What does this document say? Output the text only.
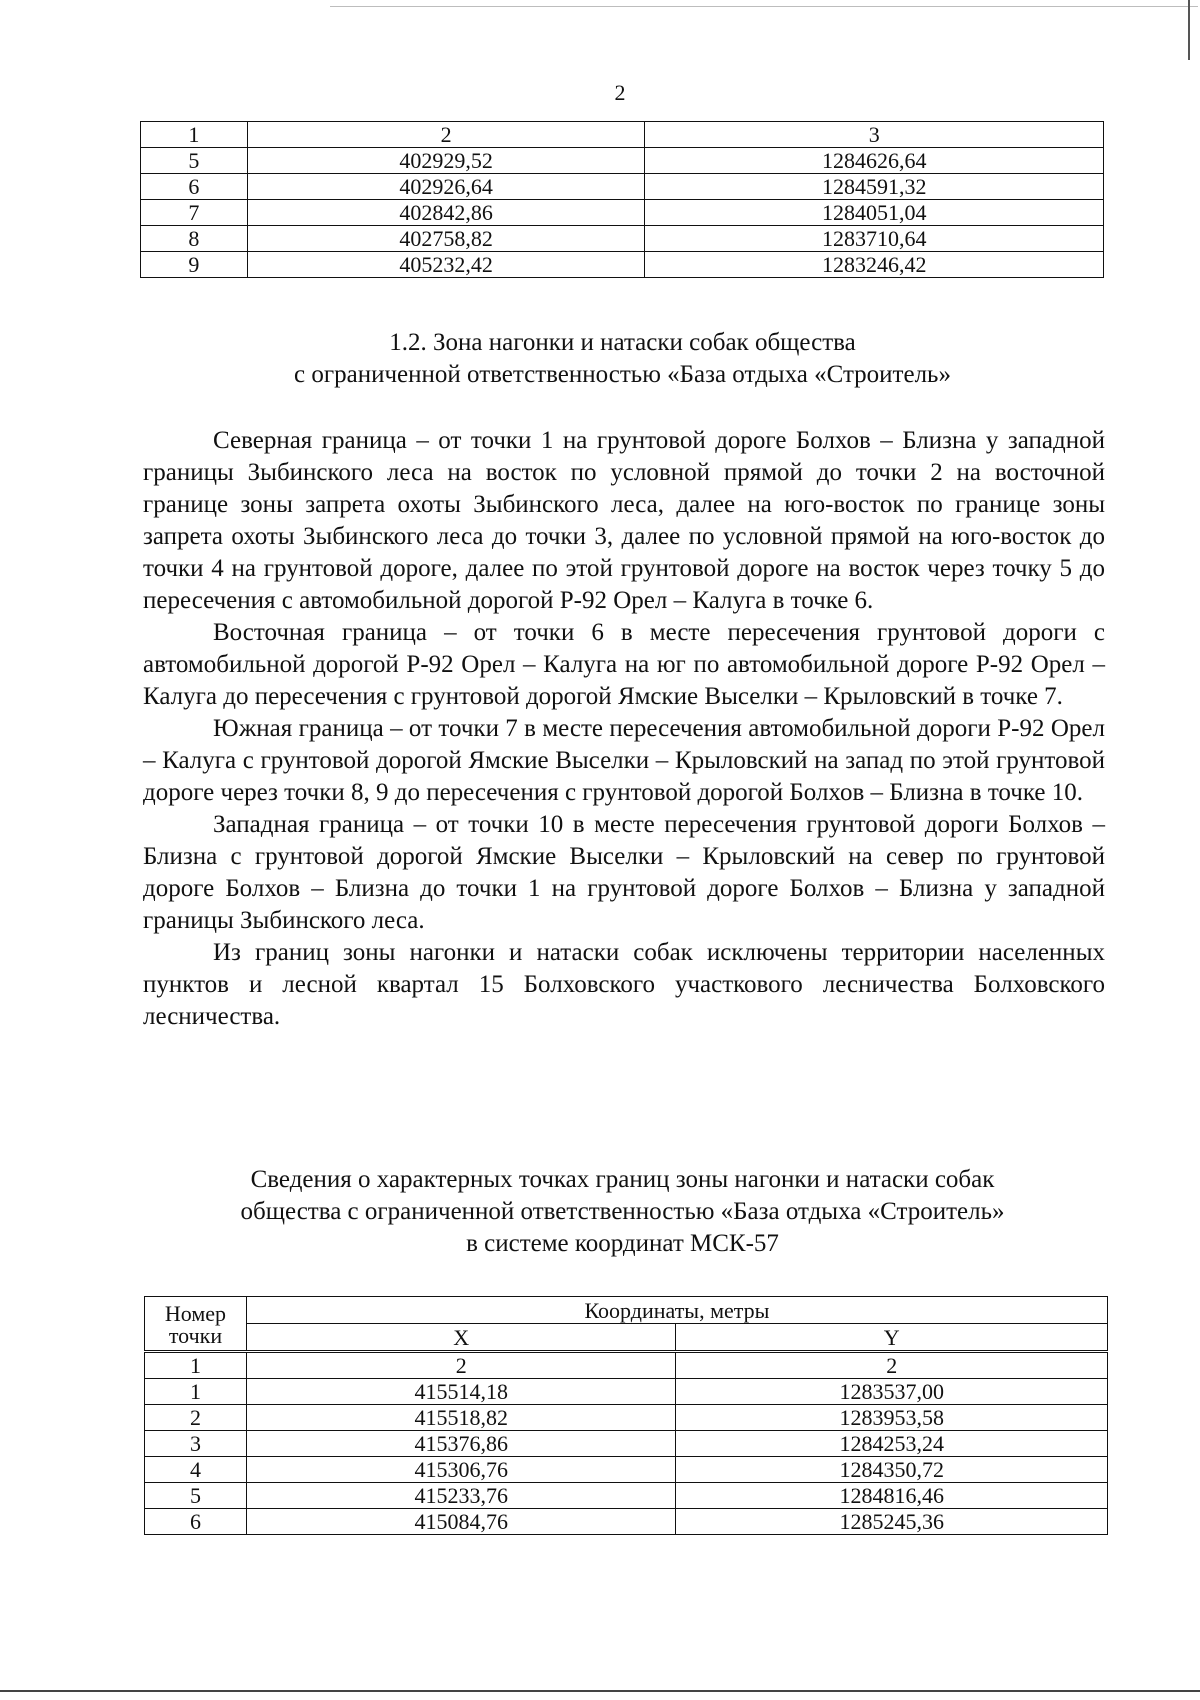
2
1	2	3
5	402929,52	1284626,64
6	402926,64	1284591,32
7	402842,86	1284051,04
8	402758,82	1283710,64
9	405232,42	1283246,42
1.2. Зона нагонки и натаски собак общества
с ограниченной ответственностью «База отдыха «Строитель»

Северная граница – от точки 1 на грунтовой дороге Болхов – Близна у западной границы Зыбинского леса на восток по условной прямой до точки 2 на восточной границе зоны запрета охоты Зыбинского леса, далее на юго-восток по границе зоны запрета охоты Зыбинского леса до точки 3, далее по условной прямой на юго-восток до точки 4 на грунтовой дороге, далее по этой грунтовой дороге на восток через точку 5 до пересечения с автомобильной дорогой Р-92 Орел – Калуга в точке 6.

Восточная граница – от точки 6 в месте пересечения грунтовой дороги с автомобильной дорогой Р-92 Орел – Калуга на юг по автомобильной дороге Р-92 Орел – Калуга до пересечения с грунтовой дорогой Ямские Выселки – Крыловский в точке 7.

Южная граница – от точки 7 в месте пересечения автомобильной дороги Р-92 Орел – Калуга с грунтовой дорогой Ямские Выселки – Крыловский на запад по этой грунтовой дороге через точки 8, 9 до пересечения с грунтовой дорогой Болхов – Близна в точке 10.

Западная граница – от точки 10 в месте пересечения грунтовой дороги Болхов – Близна с грунтовой дорогой Ямские Выселки – Крыловский на север по грунтовой дороге Болхов – Близна до точки 1 на грунтовой дороге Болхов – Близна у западной границы Зыбинского леса.

Из границ зоны нагонки и натаски собак исключены территории населенных пунктов и лесной квартал 15 Болховского участкового лесничества Болховского лесничества.

Сведения о характерных точках границ зоны нагонки и натаски собак
общества с ограниченной ответственностью «База отдыха «Строитель»
в системе координат МСК-57
Номер
точки	Координаты, метры	
	X	Y
1	2	2
1	415514,18	1283537,00
2	415518,82	1283953,58
3	415376,86	1284253,24
4	415306,76	1284350,72
5	415233,76	1284816,46
6	415084,76	1285245,36
